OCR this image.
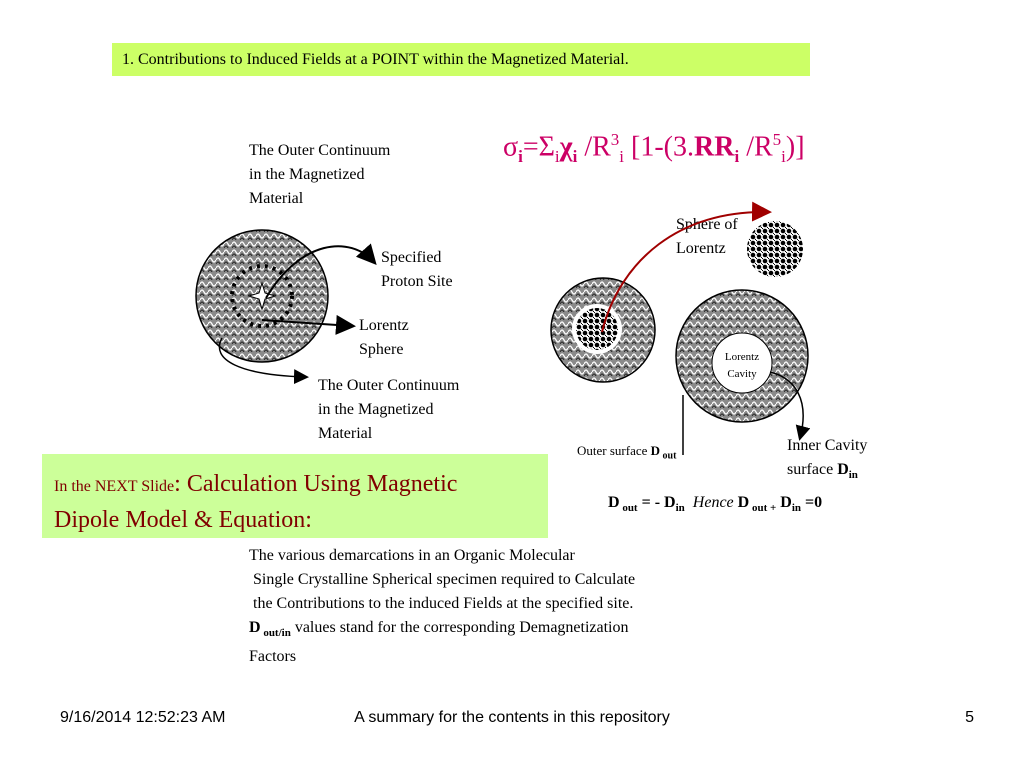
1. Contributions to Induced Fields at a POINT within the Magnetized Material.
$\sigma_i=\Sigma_i\chi_i$ $/R^3_i$ [$1-(3.RR_i$ $/R^5_i$)]
The Outer Continuum
in the Magnetized
Material
Specified
Proton Site
Lorentz
Sphere
The Outer Continuum
in the Magnetized
Material
Sphere of
Lorentz
Outer surface D $_{out}$
Inner Cavity
surface $D_{in}$
D $_{out}$ = - $D_{in}$ Hence D $_{out +}$ $D_{in} =0$
In the NEXT Slide: Calculation Using Magnetic
Dipole Model & Equation:
The various demarcations in an Organic Molecular
Single Crystalline Spherical specimen required to Calculate
the Contributions to the induced Fields at the specified site.
D $_{out/in}$ values stand for the corresponding Demagnetization
Factors
Lorentz
Cavity
9/16/2014 12:52:23 AM	A summary for the contents in this repository	5
